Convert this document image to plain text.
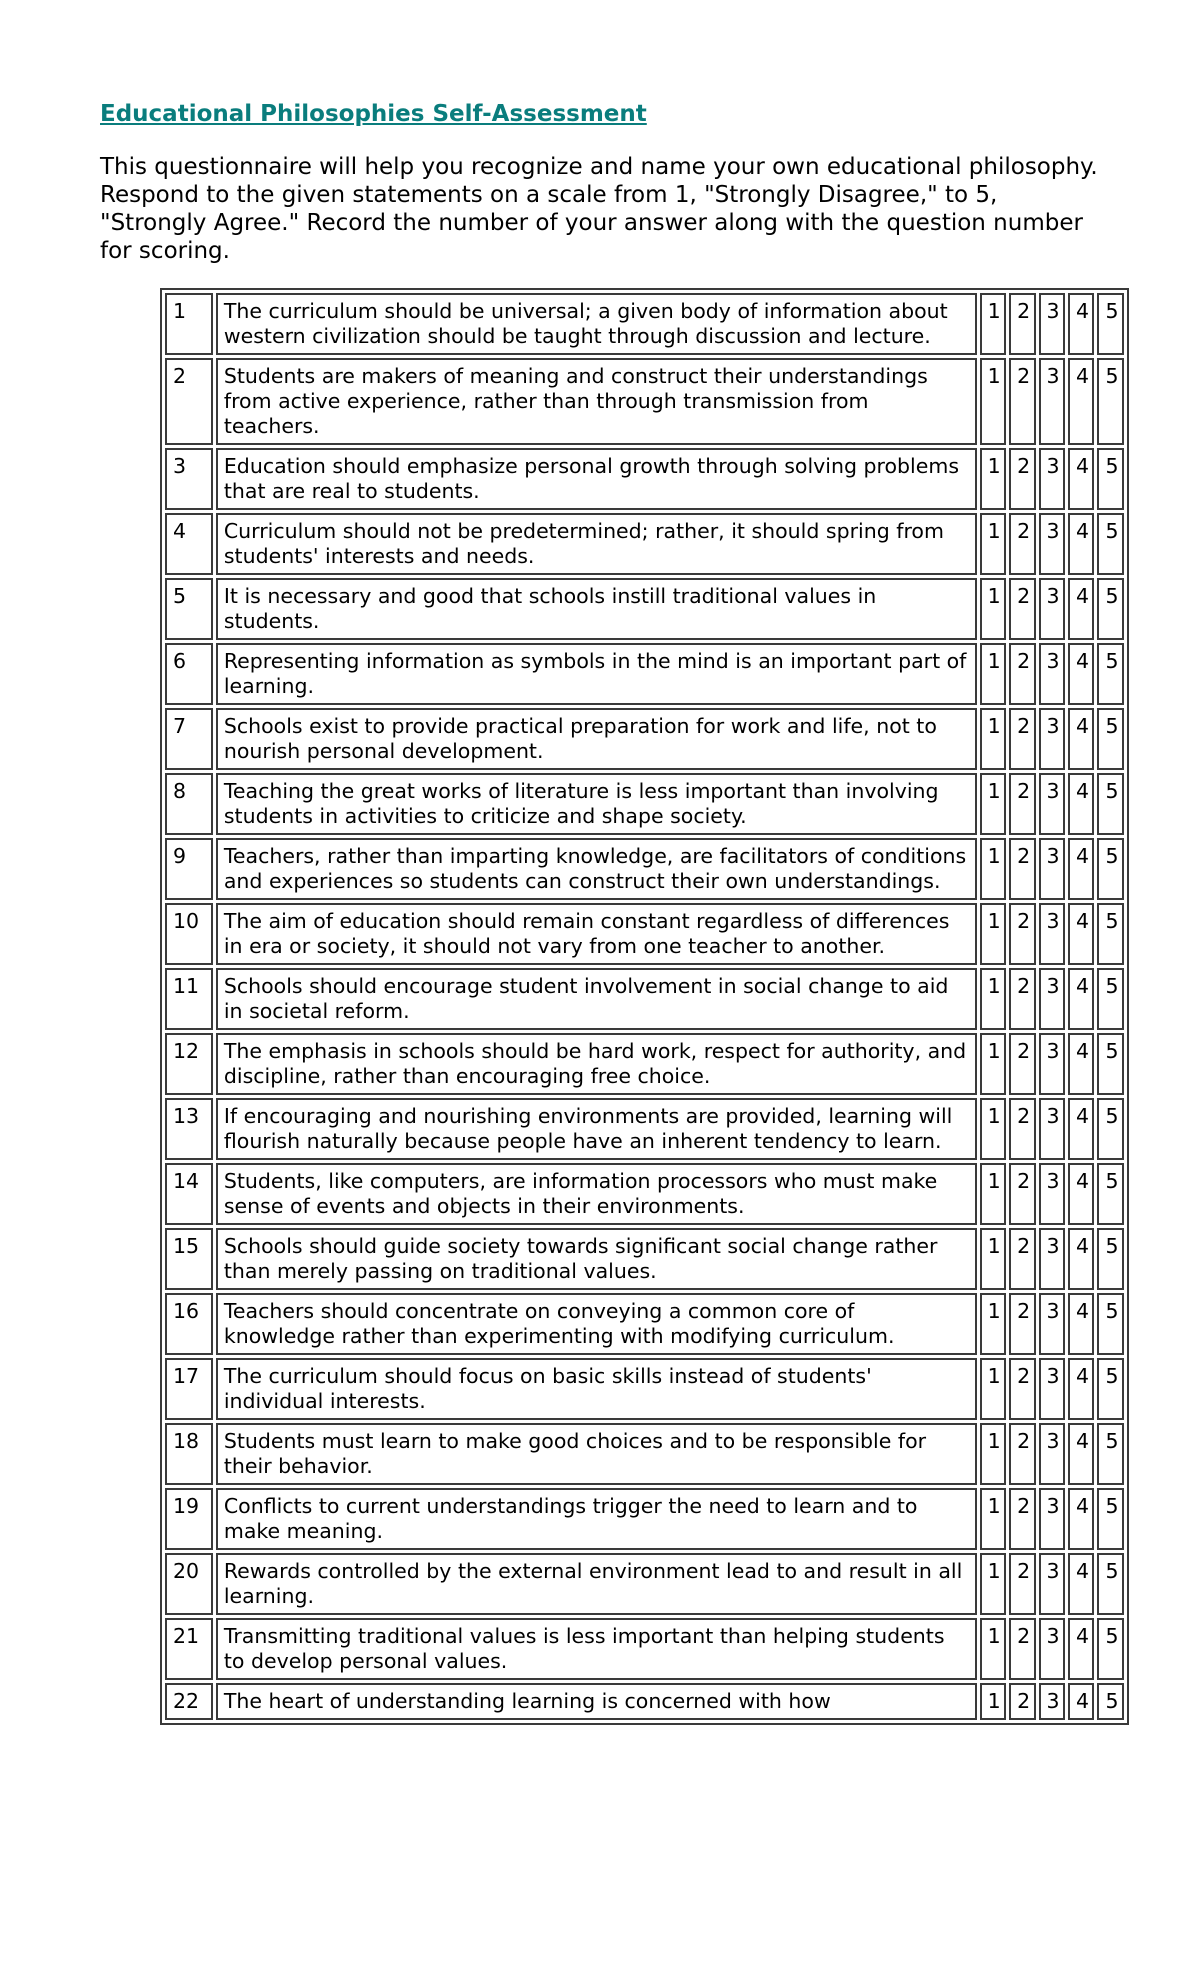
Educational Philosophies Self-Assessment
This questionnaire will help you recognize and name your own educational philosophy. Respond to the given statements on a scale from 1, "Strongly Disagree," to 5, "Strongly Agree." Record the number of your answer along with the question number for scoring.
1	The curriculum should be universal; a given body of information about western civilization should be taught through discussion and lecture.	1	2	3	4	5
2	Students are makers of meaning and construct their understandings from active experience, rather than through transmission from teachers.	1	2	3	4	5
3	Education should emphasize personal growth through solving problems that are real to students.	1	2	3	4	5
4	Curriculum should not be predetermined; rather, it should spring from students' interests and needs.	1	2	3	4	5
5	It is necessary and good that schools instill traditional values in students.	1	2	3	4	5
6	Representing information as symbols in the mind is an important part of learning.	1	2	3	4	5
7	Schools exist to provide practical preparation for work and life, not to nourish personal development.	1	2	3	4	5
8	Teaching the great works of literature is less important than involving students in activities to criticize and shape society.	1	2	3	4	5
9	Teachers, rather than imparting knowledge, are facilitators of conditions and experiences so students can construct their own understandings.	1	2	3	4	5
10	The aim of education should remain constant regardless of differences in era or society, it should not vary from one teacher to another.	1	2	3	4	5
11	Schools should encourage student involvement in social change to aid in societal reform.	1	2	3	4	5
12	The emphasis in schools should be hard work, respect for authority, and discipline, rather than encouraging free choice.	1	2	3	4	5
13	If encouraging and nourishing environments are provided, learning will flourish naturally because people have an inherent tendency to learn.	1	2	3	4	5
14	Students, like computers, are information processors who must make sense of events and objects in their environments.	1	2	3	4	5
15	Schools should guide society towards significant social change rather than merely passing on traditional values.	1	2	3	4	5
16	Teachers should concentrate on conveying a common core of knowledge rather than experimenting with modifying curriculum.	1	2	3	4	5
17	The curriculum should focus on basic skills instead of students' individual interests.	1	2	3	4	5
18	Students must learn to make good choices and to be responsible for their behavior.	1	2	3	4	5
19	Conflicts to current understandings trigger the need to learn and to make meaning.	1	2	3	4	5
20	Rewards controlled by the external environment lead to and result in all learning.	1	2	3	4	5
21	Transmitting traditional values is less important than helping students to develop personal values.	1	2	3	4	5
22	The heart of understanding learning is concerned with how	1	2	3	4	5
